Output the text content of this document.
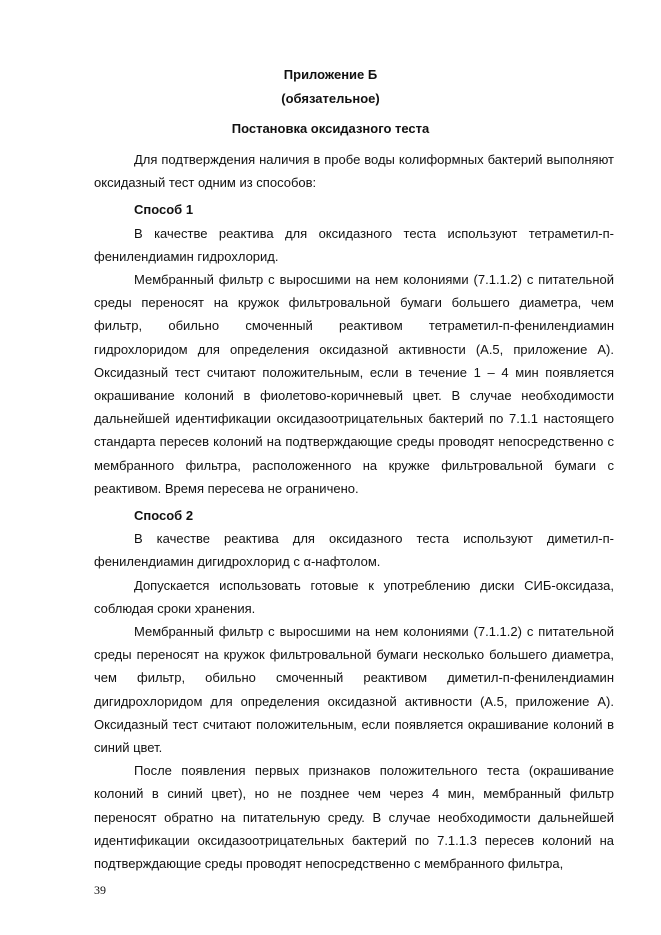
Приложение Б
(обязательное)
Постановка оксидазного теста

Для подтверждения наличия в пробе воды колиформных бактерий выполняют оксидазный тест одним из способов:

Способ 1

В качестве реактива для оксидазного теста используют тетраметил-п-фенилендиамин гидрохлорид.

Мембранный фильтр с выросшими на нем колониями (7.1.1.2) с питательной среды переносят на кружок фильтровальной бумаги большего диаметра, чем фильтр, обильно смоченный реактивом тетраметил-п-фенилендиамин гидрохлоридом для определения оксидазной активности (А.5, приложение А). Оксидазный тест считают положительным, если в течение 1 – 4 мин появляется окрашивание колоний в фиолетово-коричневый цвет. В случае необходимости дальнейшей идентификации оксидазоотрицательных бактерий по 7.1.1 настоящего стандарта пересев колоний на подтверждающие среды проводят непосредственно с мембранного фильтра, расположенного на кружке фильтровальной бумаги с реактивом. Время пересева не ограничено.

Способ 2

В качестве реактива для оксидазного теста используют диметил-п-фенилендиамин дигидрохлорид с α-нафтолом.

Допускается использовать готовые к употреблению диски СИБ-оксидаза, соблюдая сроки хранения.

Мембранный фильтр с выросшими на нем колониями (7.1.1.2) с питательной среды переносят на кружок фильтровальной бумаги несколько большего диаметра, чем фильтр, обильно смоченный реактивом диметил-п-фенилендиамин дигидрохлоридом для определения оксидазной активности (А.5, приложение А). Оксидазный тест считают положительным, если появляется окрашивание колоний в синий цвет.

После появления первых признаков положительного теста (окрашивание колоний в синий цвет), но не позднее чем через 4 мин, мембранный фильтр переносят обратно на питательную среду. В случае необходимости дальнейшей идентификации оксидазоотрицательных бактерий по 7.1.1.3 пересев колоний на подтверждающие среды проводят непосредственно с мембранного фильтра,

39
